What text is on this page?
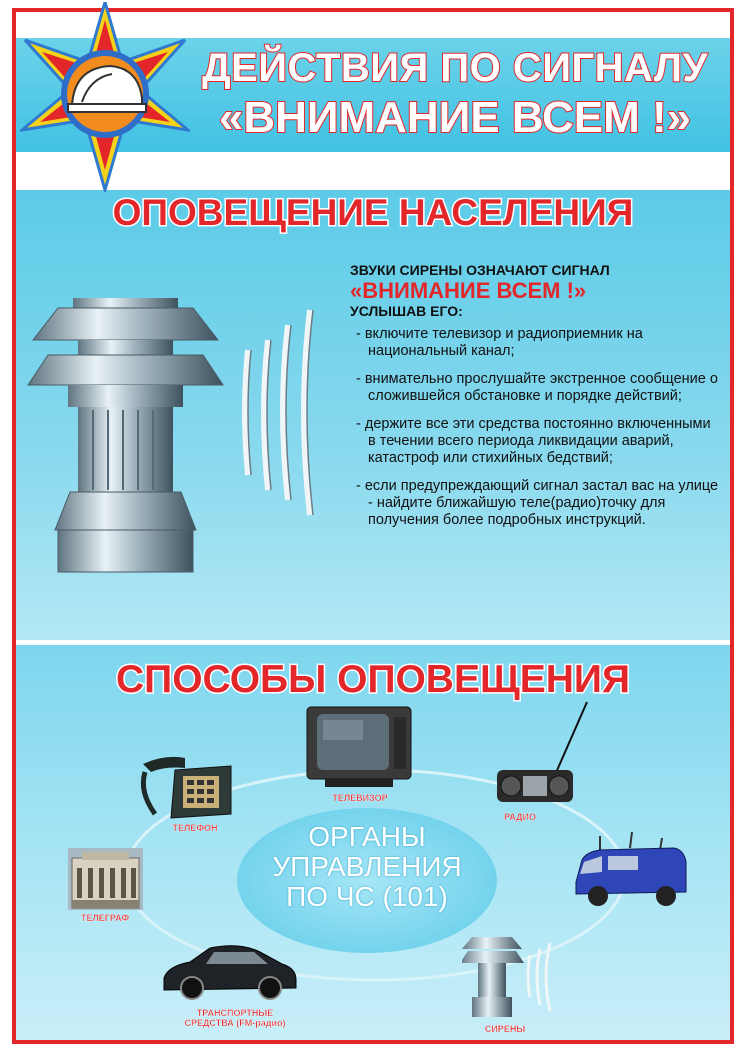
ДЕЙСТВИЯ ПО СИГНАЛУ
«ВНИМАНИЕ ВСЕМ !»
ОПОВЕЩЕНИЕ НАСЕЛЕНИЯ

ЗВУКИ СИРЕНЫ ОЗНАЧАЮТ СИГНАЛ

«ВНИМАНИЕ ВСЕМ !»

УСЛЫШАВ ЕГО:

- включите телевизор и радиоприемник на национальный канал;
- внимательно прослушайте экстренное сообщение о сложившейся обстановке и порядке действий;
- держите все эти средства постоянно включенными в течении всего периода ликвидации аварий, катастроф или стихийных бедствий;
- если предупреждающий сигнал застал вас на улице - найдите ближайшую теле(радио)точку для получения более подробных инструкций.
СПОСОБЫ ОПОВЕЩЕНИЯ
ОРГАНЫ
УПРАВЛЕНИЯ
ПО ЧС (101)
ТЕЛЕВИЗОР
ТЕЛЕФОН
РАДИО
ТЕЛЕГРАФ
ТРАНСПОРТНЫЕ
СРЕДСТВА (FM-радио)
СИРЕНЫ
